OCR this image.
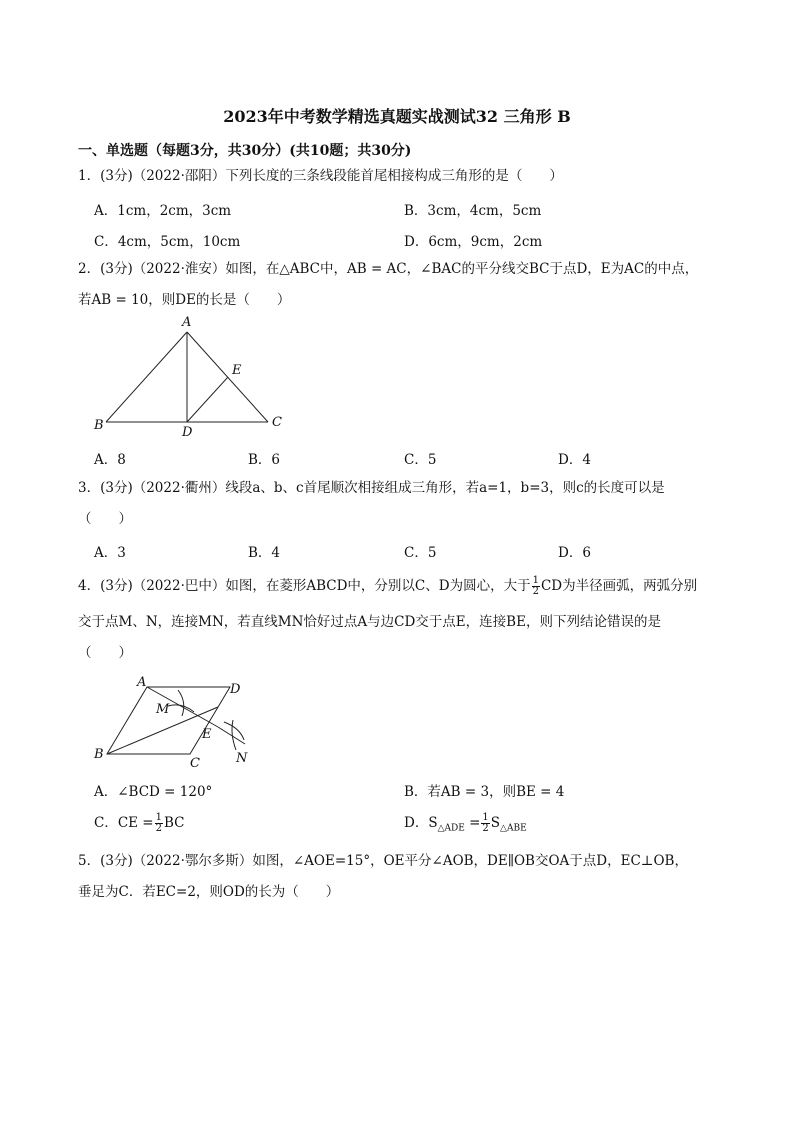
2023年中考数学精选真题实战测试32 三角形 B
一、单选题（每题3分，共30分）(共10题；共30分)
1．(3分)（2022·邵阳）下列长度的三条线段能首尾相接构成三角形的是（　　）
A．1cm，2cm，3cm	B．3cm，4cm，5cm
C．4cm，5cm，10cm	D．6cm，9cm，2cm
2．(3分)（2022·淮安）如图，在△ABC中，AB = AC，∠BAC的平分线交BC于点D，E为AC的中点，
若AB = 10，则DE的长是（　　）
A
B	C
D
E
A．8	B．6	C．5	D．4
3．(3分)（2022·衢州）线段a、b、c首尾顺次相接组成三角形，若a=1，b=3，则c的长度可以是
（　　）
A．3	B．4	C．5	D．6
4．(3分)（2022·巴中）如图，在菱形ABCD中，分别以C、D为圆心，大于 $\frac{1}{2}$ CD为半径画弧，两弧分别
交于点M、N，连接MN，若直线MN恰好过点A与边CD交于点E，连接BE，则下列结论错误的是
（　　）
A	D
B
C
E
M
N
A．∠BCD = 120°	B．若AB = 3，则BE = 4
C．CE = $\frac{1}{2}$ BC	D．$S_{\triangle ADE} = \frac{1}{2} S_{\triangle ABE}$
5．(3分)（2022·鄂尔多斯）如图，∠AOE=15°，OE平分∠AOB，DE∥OB交OA于点D，EC⊥OB，
垂足为C．若EC=2，则OD的长为（　　）
